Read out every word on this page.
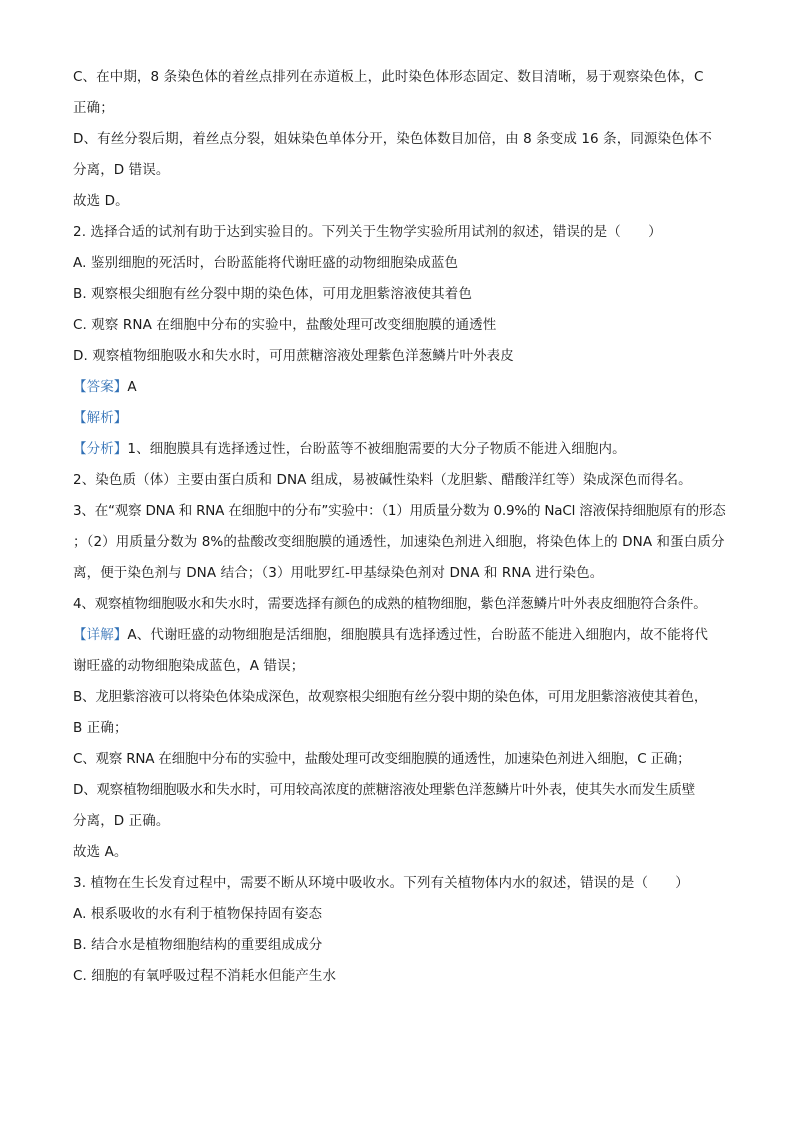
C、在中期，8 条染色体的着丝点排列在赤道板上，此时染色体形态固定、数目清晰，易于观察染色体，C
正确；
D、有丝分裂后期，着丝点分裂，姐妹染色单体分开，染色体数目加倍，由 8 条变成 16 条，同源染色体不
分离，D 错误。
故选 D。
2. 选择合适的试剂有助于达到实验目的。下列关于生物学实验所用试剂的叙述，错误的是（　　）
A. 鉴别细胞的死活时，台盼蓝能将代谢旺盛的动物细胞染成蓝色
B. 观察根尖细胞有丝分裂中期的染色体，可用龙胆紫溶液使其着色
C. 观察 RNA 在细胞中分布的实验中，盐酸处理可改变细胞膜的通透性
D. 观察植物细胞吸水和失水时，可用蔗糖溶液处理紫色洋葱鳞片叶外表皮
【答案】A
【解析】
【分析】1、细胞膜具有选择透过性，台盼蓝等不被细胞需要的大分子物质不能进入细胞内。
2、染色质（体）主要由蛋白质和 DNA 组成，易被碱性染料（龙胆紫、醋酸洋红等）染成深色而得名。
3、在“观察 DNA 和 RNA 在细胞中的分布”实验中：（1）用质量分数为 0.9%的 NaCl 溶液保持细胞原有的形态
；（2）用质量分数为 8%的盐酸改变细胞膜的通透性，加速染色剂进入细胞，将染色体上的 DNA 和蛋白质分
离，便于染色剂与 DNA 结合；（3）用吡罗红-甲基绿染色剂对 DNA 和 RNA 进行染色。
4、观察植物细胞吸水和失水时，需要选择有颜色的成熟的植物细胞，紫色洋葱鳞片叶外表皮细胞符合条件。
【详解】A、代谢旺盛的动物细胞是活细胞，细胞膜具有选择透过性，台盼蓝不能进入细胞内，故不能将代
谢旺盛的动物细胞染成蓝色，A 错误；
B、龙胆紫溶液可以将染色体染成深色，故观察根尖细胞有丝分裂中期的染色体，可用龙胆紫溶液使其着色，
B 正确；
C、观察 RNA 在细胞中分布的实验中，盐酸处理可改变细胞膜的通透性，加速染色剂进入细胞，C 正确；
D、观察植物细胞吸水和失水时，可用较高浓度的蔗糖溶液处理紫色洋葱鳞片叶外表，使其失水而发生质壁
分离，D 正确。
故选 A。
3. 植物在生长发育过程中，需要不断从环境中吸收水。下列有关植物体内水的叙述，错误的是（　　）
A. 根系吸收的水有利于植物保持固有姿态
B. 结合水是植物细胞结构的重要组成成分
C. 细胞的有氧呼吸过程不消耗水但能产生水
